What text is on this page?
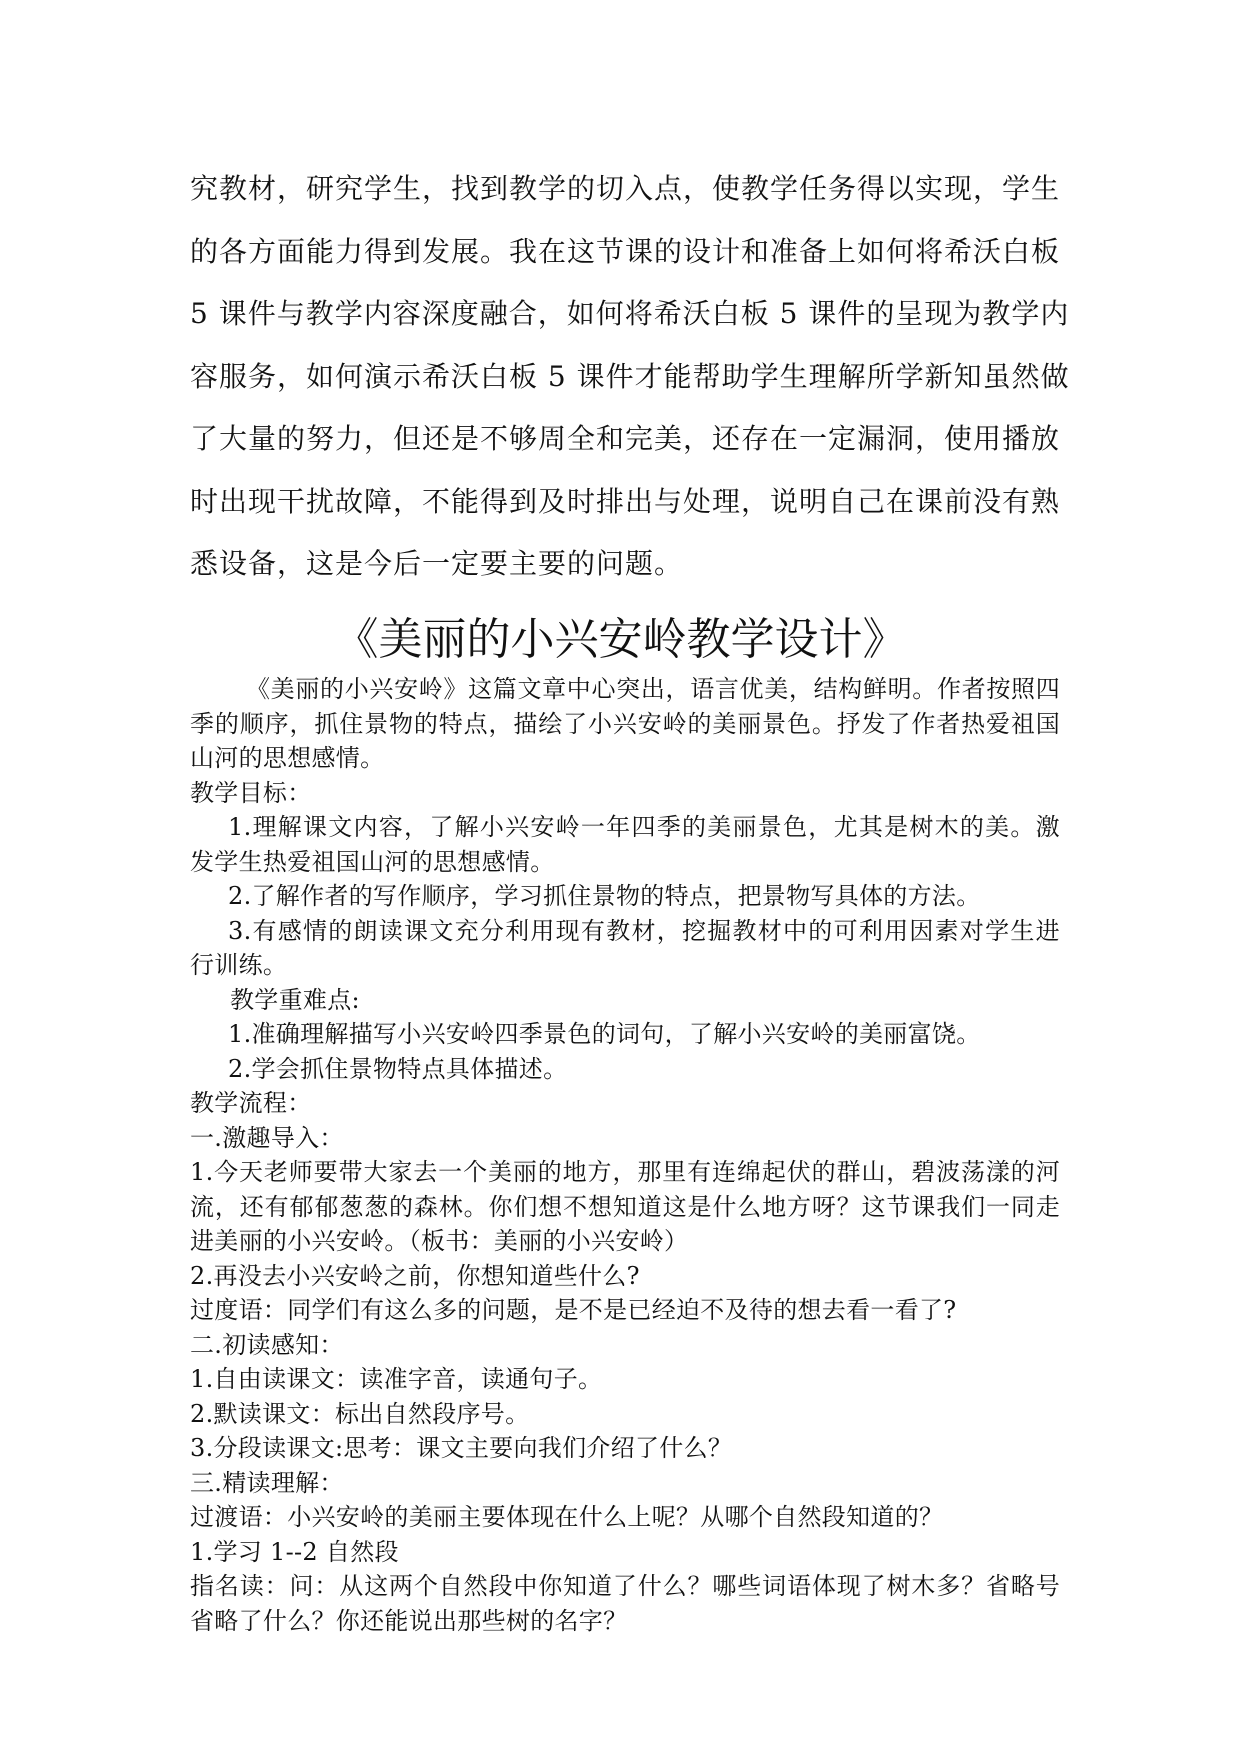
究教材，研究学生，找到教学的切入点，使教学任务得以实现，学生

的各方面能力得到发展。我在这节课的设计和准备上如何将希沃白板

5 课件与教学内容深度融合，如何将希沃白板 5 课件的呈现为教学内

容服务，如何演示希沃白板 5 课件才能帮助学生理解所学新知虽然做

了大量的努力，但还是不够周全和完美，还存在一定漏洞，使用播放

时出现干扰故障，不能得到及时排出与处理，说明自己在课前没有熟

悉设备，这是今后一定要主要的问题。

《美丽的小兴安岭教学设计》

《美丽的小兴安岭》这篇文章中心突出，语言优美，结构鲜明。作者按照四

季的顺序，抓住景物的特点，描绘了小兴安岭的美丽景色。抒发了作者热爱祖国

山河的思想感情。

教学目标：

1.理解课文内容，了解小兴安岭一年四季的美丽景色，尤其是树木的美。激

发学生热爱祖国山河的思想感情。

2.了解作者的写作顺序，学习抓住景物的特点，把景物写具体的方法。

3.有感情的朗读课文充分利用现有教材，挖掘教材中的可利用因素对学生进

行训练。

教学重难点:

1.准确理解描写小兴安岭四季景色的词句，了解小兴安岭的美丽富饶。

2.学会抓住景物特点具体描述。

教学流程：

一.激趣导入：

1.今天老师要带大家去一个美丽的地方，那里有连绵起伏的群山，碧波荡漾的河

流，还有郁郁葱葱的森林。你们想不想知道这是什么地方呀？这节课我们一同走

进美丽的小兴安岭。（板书：美丽的小兴安岭）

2.再没去小兴安岭之前，你想知道些什么?

过度语：同学们有这么多的问题，是不是已经迫不及待的想去看一看了?

二.初读感知：

1.自由读课文：读准字音，读通句子。

2.默读课文：标出自然段序号。

3.分段读课文:思考：课文主要向我们介绍了什么？

三.精读理解：

过渡语：小兴安岭的美丽主要体现在什么上呢？从哪个自然段知道的？

1.学习 1--2 自然段

指名读：问：从这两个自然段中你知道了什么？哪些词语体现了树木多？省略号

省略了什么？你还能说出那些树的名字？
